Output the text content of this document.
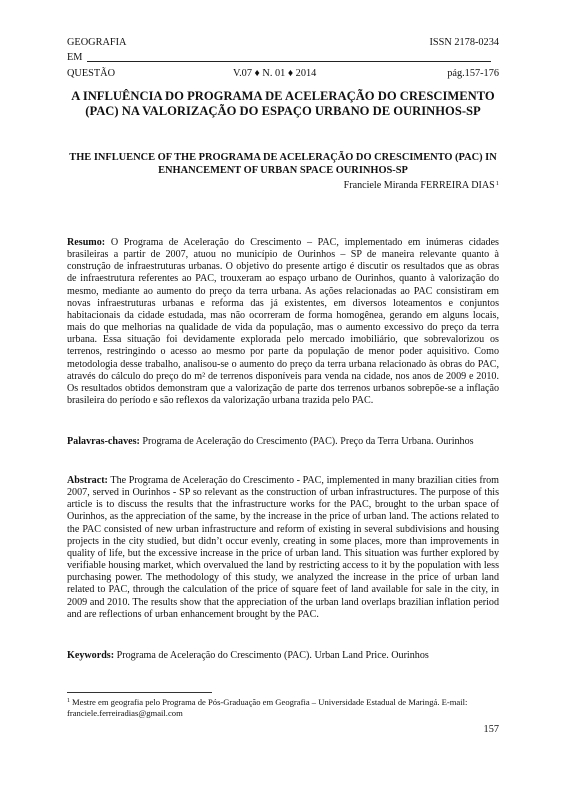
GEOGRAFIA	ISSN 2178-0234
EM
QUESTÃO	V.07 ♦ N. 01 ♦ 2014	pág.157-176
A INFLUÊNCIA DO PROGRAMA DE ACELERAÇÃO DO CRESCIMENTO (PAC) NA VALORIZAÇÃO DO ESPAÇO URBANO DE OURINHOS-SP
THE INFLUENCE OF THE PROGRAMA DE ACELERAÇÃO DO CRESCIMENTO (PAC) IN ENHANCEMENT OF URBAN SPACE OURINHOS-SP
Franciele Miranda FERREIRA DIAS$^1$
Resumo: O Programa de Aceleração do Crescimento – PAC, implementado em inúmeras cidades brasileiras a partir de 2007, atuou no município de Ourinhos – SP de maneira relevante quanto à construção de infraestruturas urbanas. O objetivo do presente artigo é discutir os resultados que as obras de infraestrutura referentes ao PAC, trouxeram ao espaço urbano de Ourinhos, quanto à valorização do mesmo, mediante ao aumento do preço da terra urbana. As ações relacionadas ao PAC consistiram em novas infraestruturas urbanas e reforma das já existentes, em diversos loteamentos e conjuntos habitacionais da cidade estudada, mas não ocorreram de forma homogênea, gerando em alguns locais, mais do que melhorias na qualidade de vida da população, mas o aumento excessivo do preço da terra urbana. Essa situação foi devidamente explorada pelo mercado imobiliário, que sobrevalorizou os terrenos, restringindo o acesso ao mesmo por parte da população de menor poder aquisitivo. Como metodologia desse trabalho, analisou-se o aumento do preço da terra urbana relacionado às obras do PAC, através do cálculo do preço do m² de terrenos disponíveis para venda na cidade, nos anos de 2009 e 2010. Os resultados obtidos demonstram que a valorização de parte dos terrenos urbanos sobrepõe-se a inflação brasileira do período e são reflexos da valorização urbana trazida pelo PAC.
Palavras-chaves: Programa de Aceleração do Crescimento (PAC). Preço da Terra Urbana. Ourinhos
Abstract: The Programa de Aceleração do Crescimento - PAC, implemented in many brazilian cities from 2007, served in Ourinhos - SP so relevant as the construction of urban infrastructures. The purpose of this article is to discuss the results that the infrastructure works for the PAC, brought to the urban space of Ourinhos, as the appreciation of the same, by the increase in the price of urban land. The actions related to the PAC consisted of new urban infrastructure and reform of existing in several subdivisions and housing projects in the city studied, but didn’t occur evenly, creating in some places, more than improvements in quality of life, but the excessive increase in the price of urban land. This situation was further explored by verifiable housing market, which overvalued the land by restricting access to it by the population with less purchasing power. The methodology of this study, we analyzed the increase in the price of urban land related to PAC, through the calculation of the price of square feet of land available for sale in the city, in 2009 and 2010. The results show that the appreciation of the urban land overlaps brazilian inflation period and are reflections of urban enhancement brought by the PAC.
Keywords: Programa de Aceleração do Crescimento (PAC). Urban Land Price. Ourinhos
$^1$ Mestre em geografia pelo Programa de Pós-Graduação em Geografia – Universidade Estadual de Maringá. E-mail: franciele.ferreiradias@gmail.com
157
